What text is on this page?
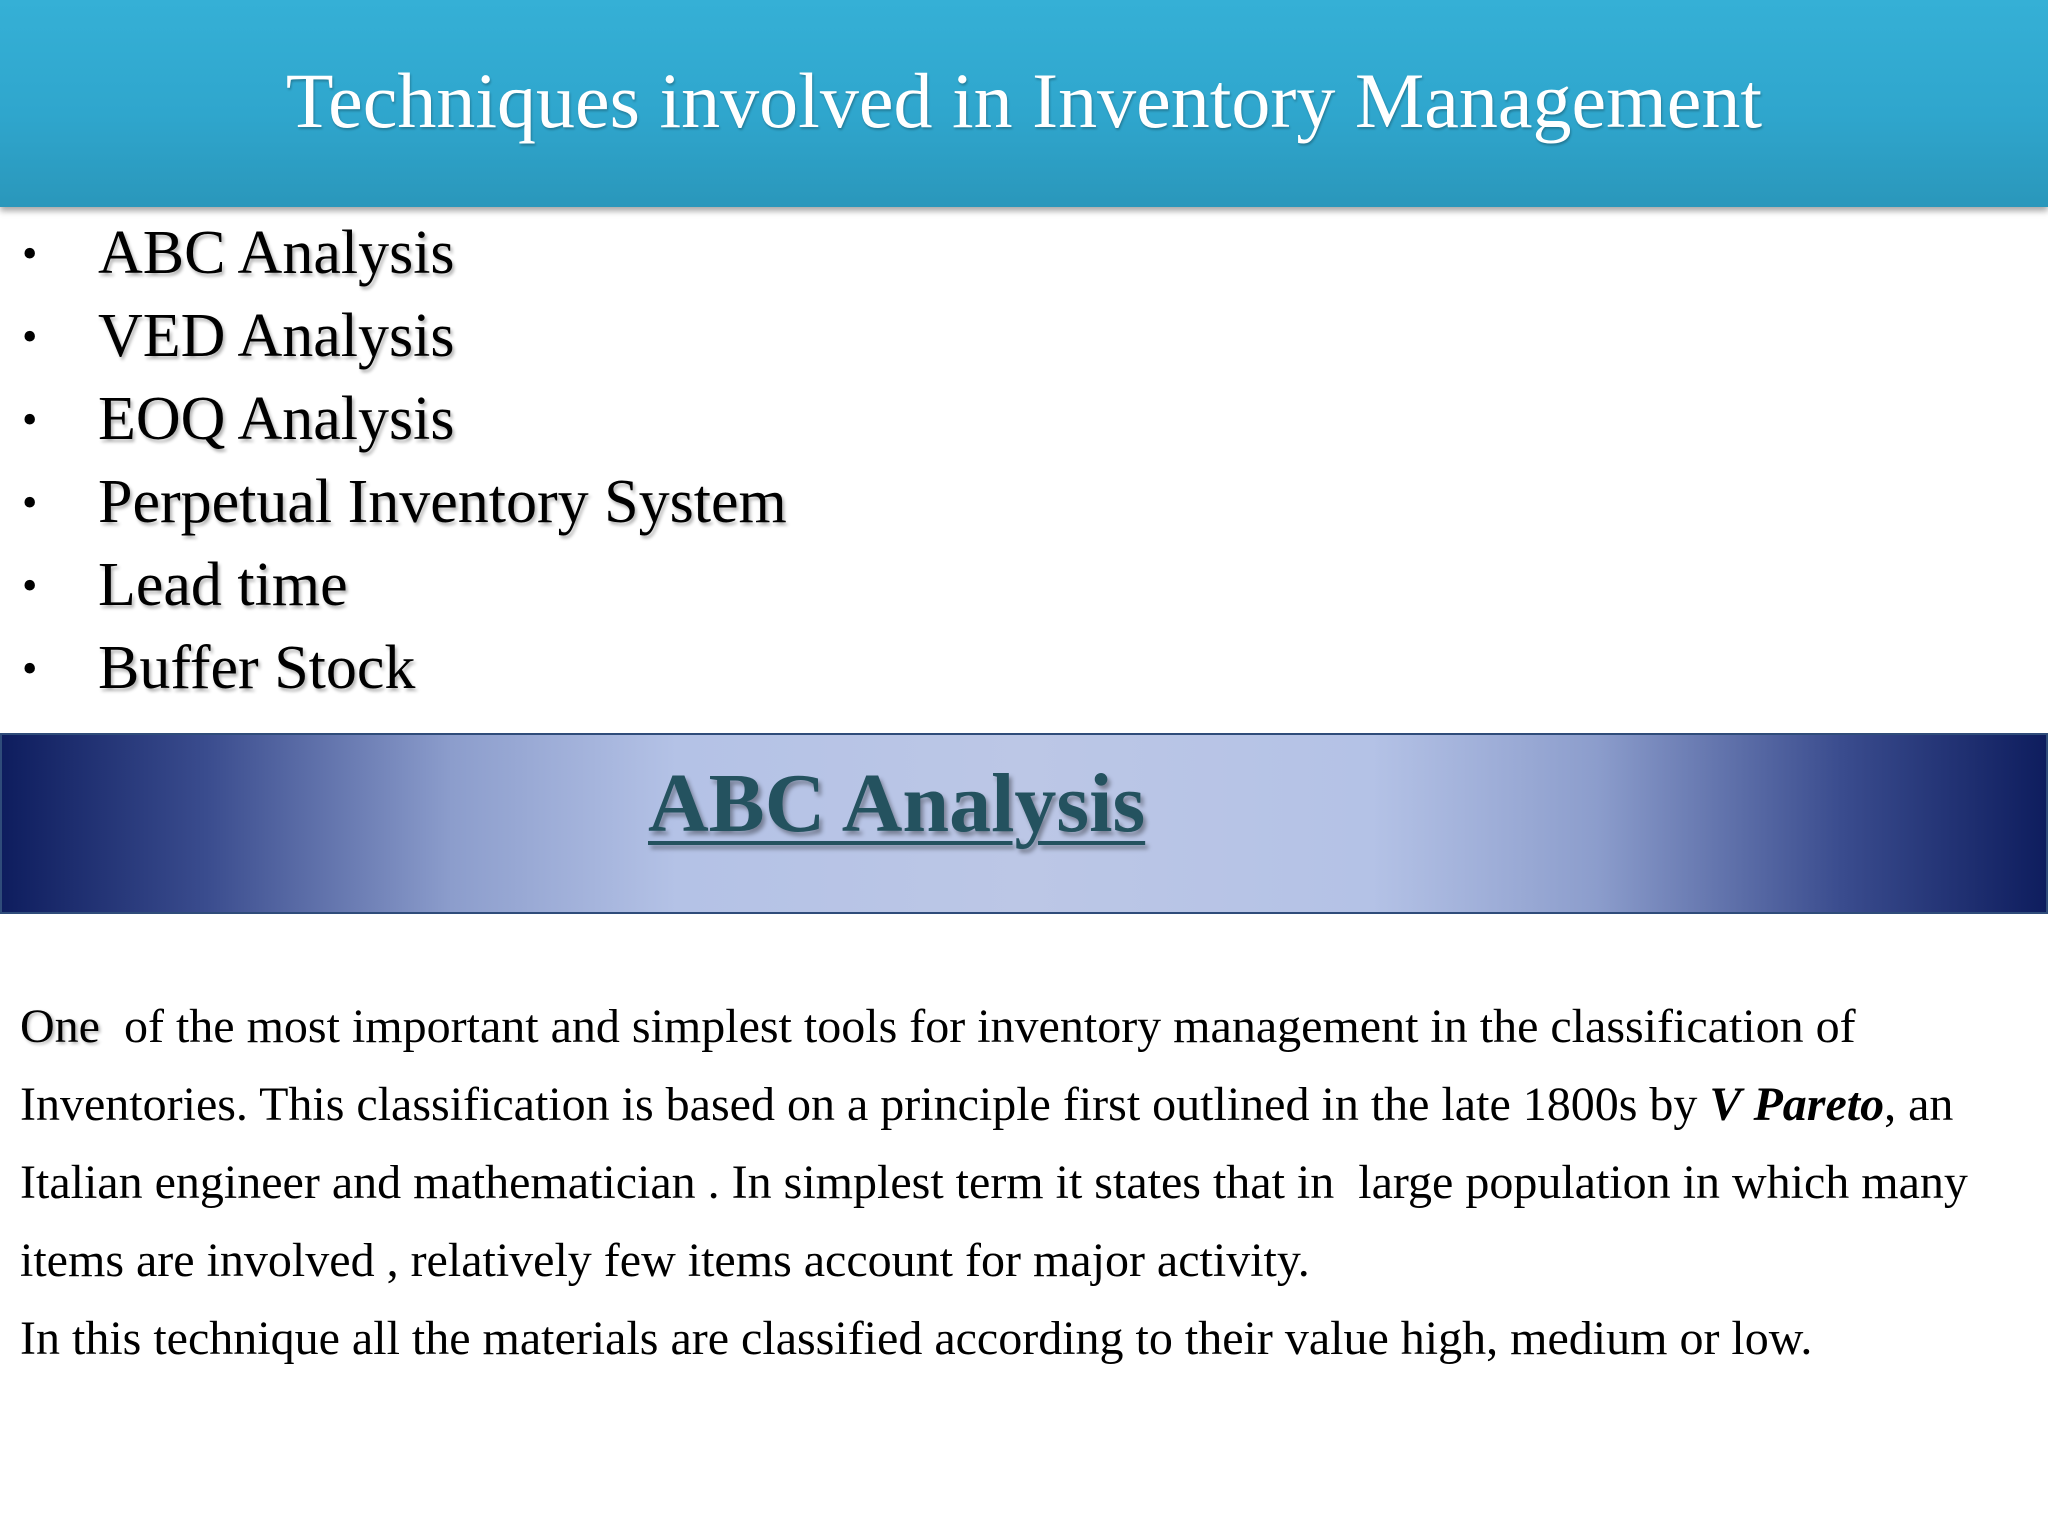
Techniques involved in Inventory Management
• ABC Analysis
• VED Analysis
• EOQ Analysis
• Perpetual Inventory System
• Lead time
• Buffer Stock
ABC Analysis

One  of the most important and simplest tools for inventory management in the classification of Inventories. This classification is based on a principle first outlined in the late 1800s by V Pareto, an Italian engineer and mathematician . In simplest term it states that in  large population in which many items are involved , relatively few items account for major activity.

In this technique all the materials are classified according to their value high, medium or low.
